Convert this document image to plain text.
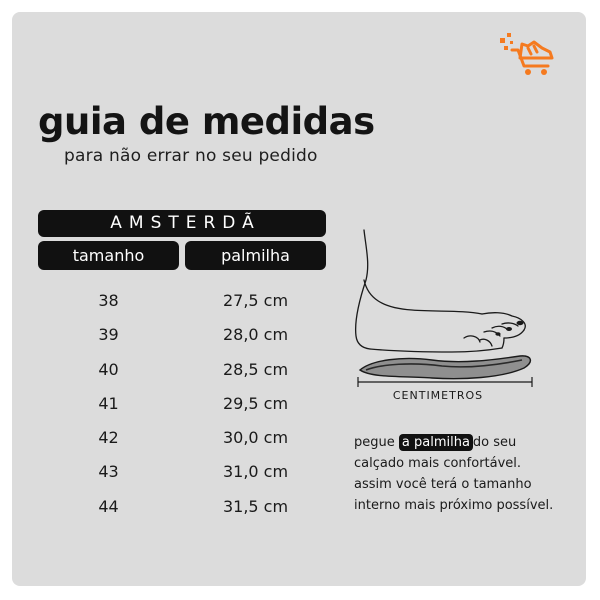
guia de medidas
para não errar no seu pedido
AMSTERDÃ
tamanho	palmilha
38	27,5 cm
39	28,0 cm
40	28,5 cm
41	29,5 cm
42	30,0 cm
43	31,0 cm
44	31,5 cm
CENTIMETROS
pegue a palmilha do seu
calçado mais confortável.
assim você terá o tamanho
interno mais próximo possível.
